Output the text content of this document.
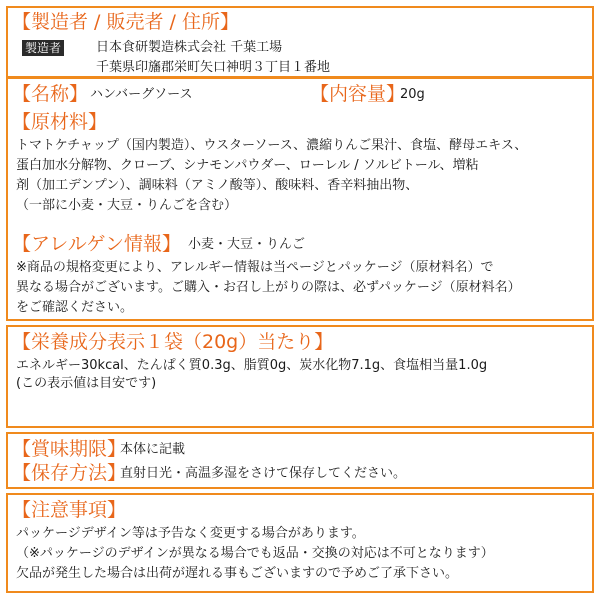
【製造者 / 販売者 / 住所】
製造者	日本食研製造株式会社 千葉工場
千葉県印旛郡栄町矢口神明３丁目１番地
【名称】 ハンバーグソース	【内容量】
20g
【原材料】
トマトケチャップ（国内製造）、ウスターソース、濃縮りんご果汁、食塩、酵母エキス、
蛋白加水分解物、クローブ、シナモンパウダー、ローレル / ソルビトール、増粘
剤（加工デンプン）、調味料（アミノ酸等）、酸味料、香辛料抽出物、
（一部に小麦・大豆・りんごを含む）
【アレルゲン情報】 小麦・大豆・りんご
※商品の規格変更により、アレルギー情報は当ページとパッケージ（原材料名）で
異なる場合がございます。ご購入・お召し上がりの際は、必ずパッケージ（原材料名）
をご確認ください。
【栄養成分表示１袋（20g）当たり】
エネルギー30kcal、たんぱく質0.3g、脂質0g、炭水化物7.1g、食塩相当量1.0g
(この表示値は目安です)
【賞味期限】
本体に記載
【保存方法】
直射日光・高温多湿をさけて保存してください。
【注意事項】
パッケージデザイン等は予告なく変更する場合があります。
（※パッケージのデザインが異なる場合でも返品・交換の対応は不可となります）
欠品が発生した場合は出荷が遅れる事もございますので予めご了承下さい。
